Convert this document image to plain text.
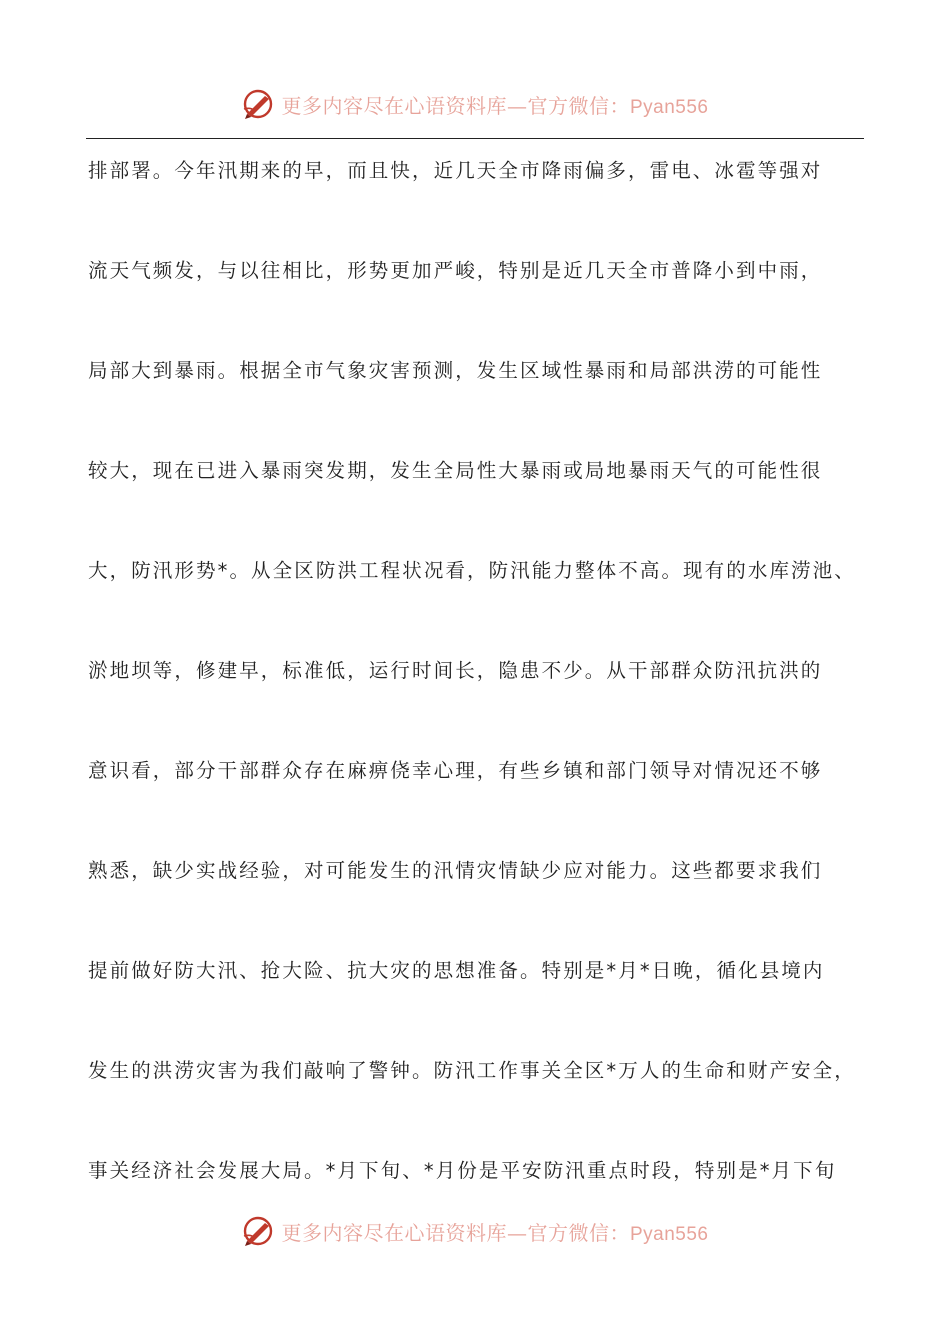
更多内容尽在心语资料库—官方微信：Pyan556
排部署。今年汛期来的早，而且快，近几天全市降雨偏多，雷电、冰雹等强对
流天气频发，与以往相比，形势更加严峻，特别是近几天全市普降小到中雨，
局部大到暴雨。根据全市气象灾害预测，发生区域性暴雨和局部洪涝的可能性
较大，现在已进入暴雨突发期，发生全局性大暴雨或局地暴雨天气的可能性很
大，防汛形势*。从全区防洪工程状况看，防汛能力整体不高。现有的水库涝池、
淤地坝等，修建早，标准低，运行时间长，隐患不少。从干部群众防汛抗洪的
意识看，部分干部群众存在麻痹侥幸心理，有些乡镇和部门领导对情况还不够
熟悉，缺少实战经验，对可能发生的汛情灾情缺少应对能力。这些都要求我们
提前做好防大汛、抢大险、抗大灾的思想准备。特别是*月*日晚，循化县境内
发生的洪涝灾害为我们敲响了警钟。防汛工作事关全区*万人的生命和财产安全，
事关经济社会发展大局。*月下旬、*月份是平安防汛重点时段，特别是*月下旬
更多内容尽在心语资料库—官方微信：Pyan556
